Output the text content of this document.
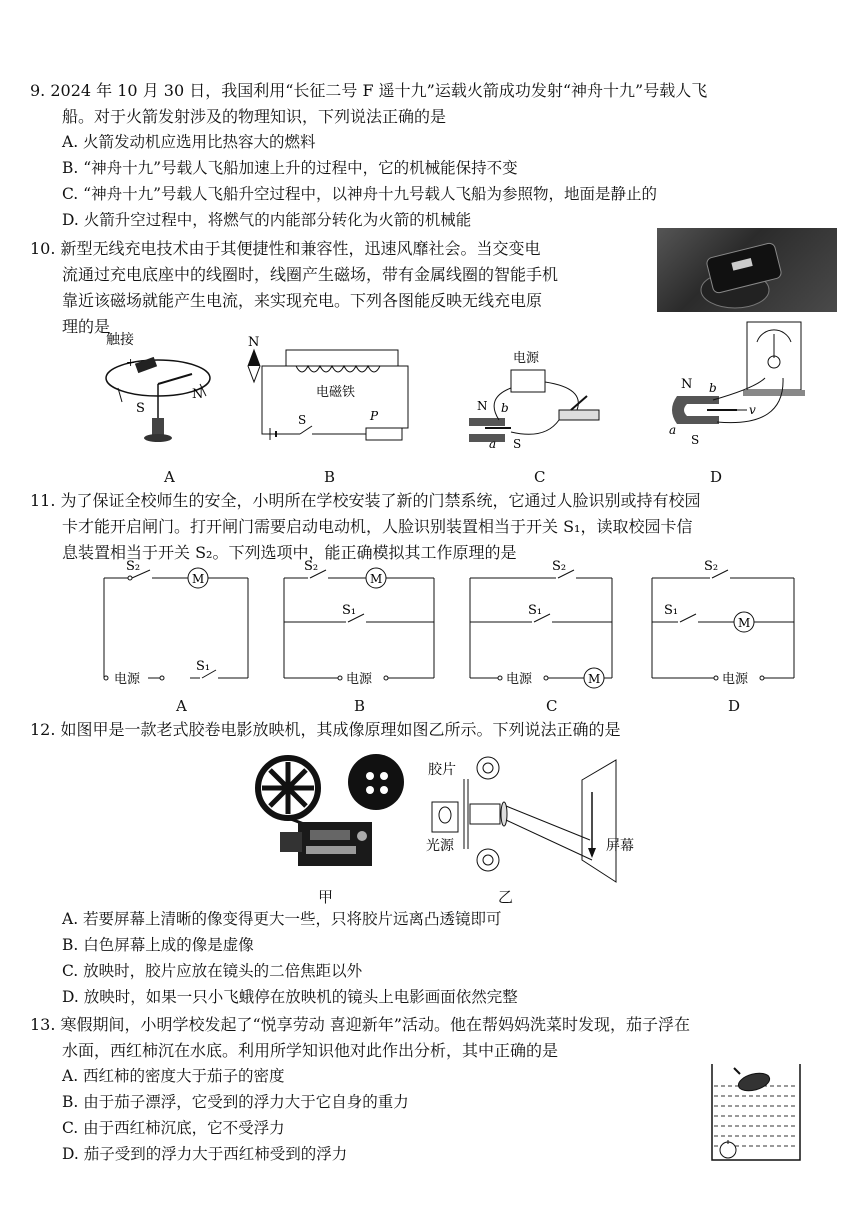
9. 2024 年 10 月 30 日，我国利用“长征二号 F 遥十九”运载火箭成功发射“神舟十九”号载人飞
船。对于火箭发射涉及的物理知识，下列说法正确的是
A. 火箭发动机应选用比热容大的燃料
B. “神舟十九”号载人飞船加速上升的过程中，它的机械能保持不变
C. “神舟十九”号载人飞船升空过程中，以神舟十九号载人飞船为参照物，地面是静止的
D. 火箭升空过程中，将燃气的内能部分转化为火箭的机械能
10. 新型无线充电技术由于其便捷性和兼容性，迅速风靡社会。当交变电
流通过充电底座中的线圈时，线圈产生磁场，带有金属线圈的智能手机
靠近该磁场就能产生电流，来实现充电。下列各图能反映无线充电原
理的是
触接
+
S
N
N
电磁铁
S	P
电源
N b
a S
N b
v
a
S
A	B	C	D
11. 为了保证全校师生的安全，小明所在学校安装了新的门禁系统，它通过人脸识别或持有校园
卡才能开启闸门。打开闸门需要启动电动机，人脸识别装置相当于开关 S₁，读取校园卡信
息装置相当于开关 S₂。下列选项中，能正确模拟其工作原理的是
S₂
M
电源
S₁
S₂
M
S₁
电源
S₂
S₁
电源	M
S₂
S₁
M
电源
A	B	C	D
12. 如图甲是一款老式胶卷电影放映机，其成像原理如图乙所示。下列说法正确的是
甲
胶片
光源	屏幕
乙
A. 若要屏幕上清晰的像变得更大一些，只将胶片远离凸透镜即可
B. 白色屏幕上成的像是虚像
C. 放映时，胶片应放在镜头的二倍焦距以外
D. 放映时，如果一只小飞蛾停在放映机的镜头上电影画面依然完整
13. 寒假期间，小明学校发起了“悦享劳动 喜迎新年”活动。他在帮妈妈洗菜时发现，茄子浮在
水面，西红柿沉在水底。利用所学知识他对此作出分析，其中正确的是
A. 西红柿的密度大于茄子的密度
B. 由于茄子漂浮，它受到的浮力大于它自身的重力
C. 由于西红柿沉底，它不受浮力
D. 茄子受到的浮力大于西红柿受到的浮力
